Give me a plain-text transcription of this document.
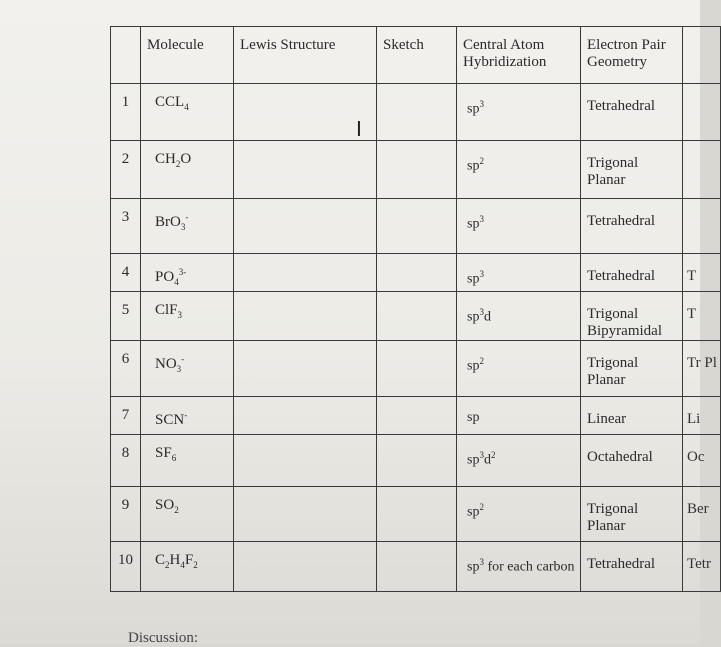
	Molecule	Lewis Structure	Sketch	Central Atom Hybridization	Electron Pair Geometry	
1	$CCL_4$			$sp^3$	Tetrahedral	
2	$CH_2O$			$sp^2$	Trigonal Planar	
3	BrO$_3$-			$sp^3$	Tetrahedral	
4	$PO_4^{3-}$			$sp^3$	Tetrahedral	T
5	ClF$_3$			$sp^3d$	Trigonal Bipyramidal	T
6	$NO_3^-$			$sp^2$	Trigonal Planar	Tr Pl
7	SCN-			sp	Linear	Li
8	$SF_6$			$sp^3d^2$	Octahedral	Oc
9	$SO_2$			$sp^2$	Trigonal Planar	Ber
10	$C_2H_4F_2$			$sp^3$ for each carbon	Tetrahedral	Tetr
I
Discussion:
